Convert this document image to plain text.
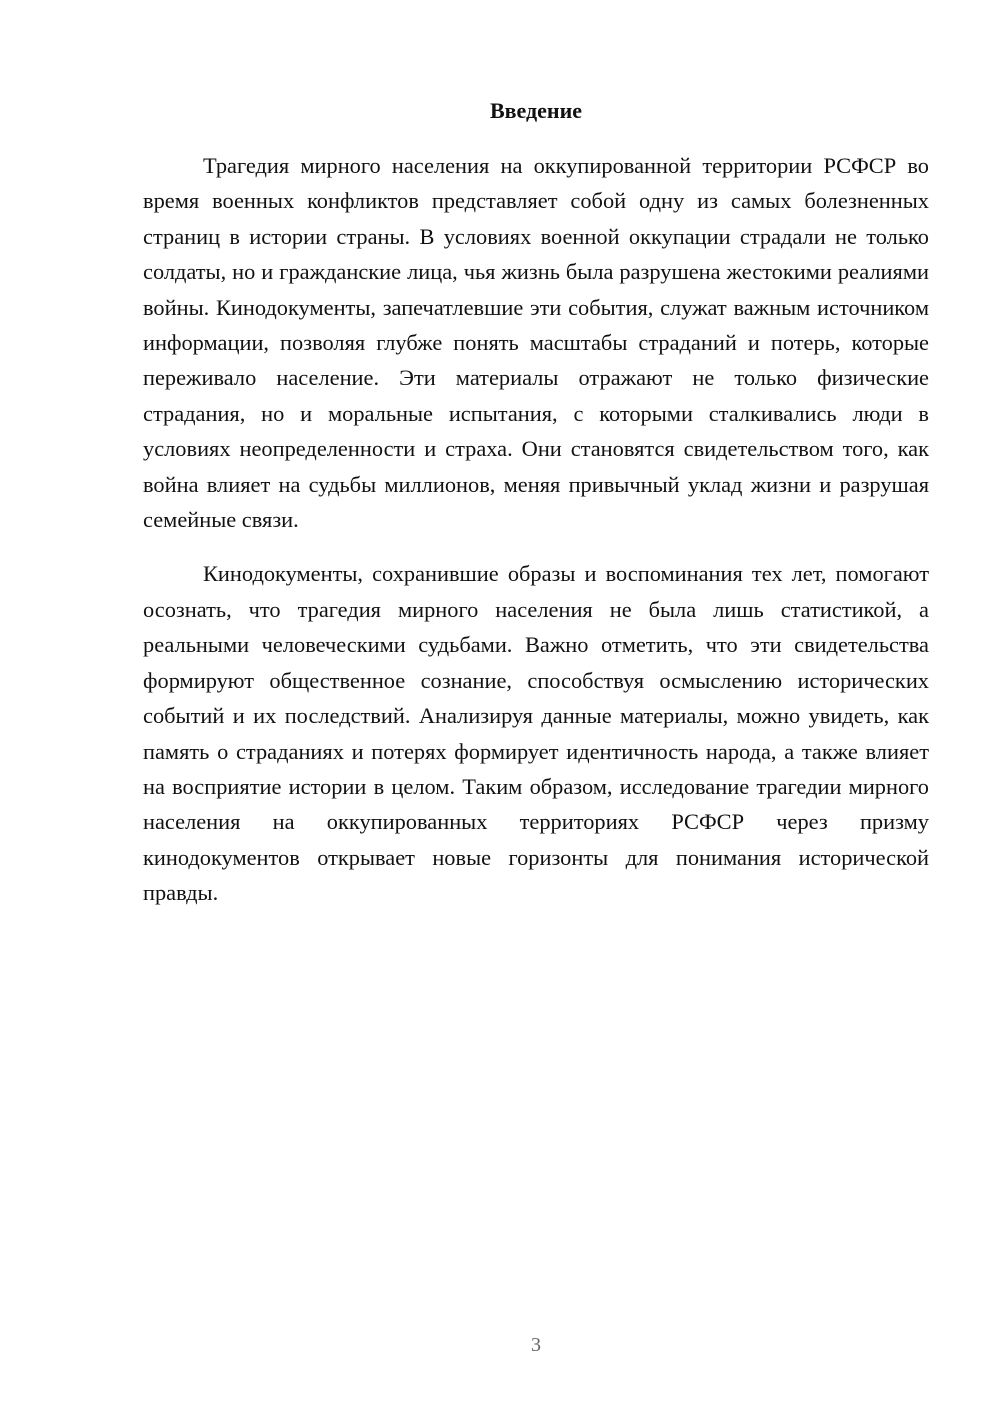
Введение

Трагедия мирного населения на оккупированной территории РСФСР во время военных конфликтов представляет собой одну из самых болезненных страниц в истории страны. В условиях военной оккупации страдали не только солдаты, но и гражданские лица, чья жизнь была разрушена жестокими реалиями войны. Кинодокументы, запечатлевшие эти события, служат важным источником информации, позволяя глубже понять масштабы страданий и потерь, которые переживало население. Эти материалы отражают не только физические страдания, но и моральные испытания, с которыми сталкивались люди в условиях неопределенности и страха. Они становятся свидетельством того, как война влияет на судьбы миллионов, меняя привычный уклад жизни и разрушая семейные связи.

Кинодокументы, сохранившие образы и воспоминания тех лет, помогают осознать, что трагедия мирного населения не была лишь статистикой, а реальными человеческими судьбами. Важно отметить, что эти свидетельства формируют общественное сознание, способствуя осмыслению исторических событий и их последствий. Анализируя данные материалы, можно увидеть, как память о страданиях и потерях формирует идентичность народа, а также влияет на восприятие истории в целом. Таким образом, исследование трагедии мирного населения на оккупированных территориях РСФСР через призму кинодокументов открывает новые горизонты для понимания исторической правды.

3
